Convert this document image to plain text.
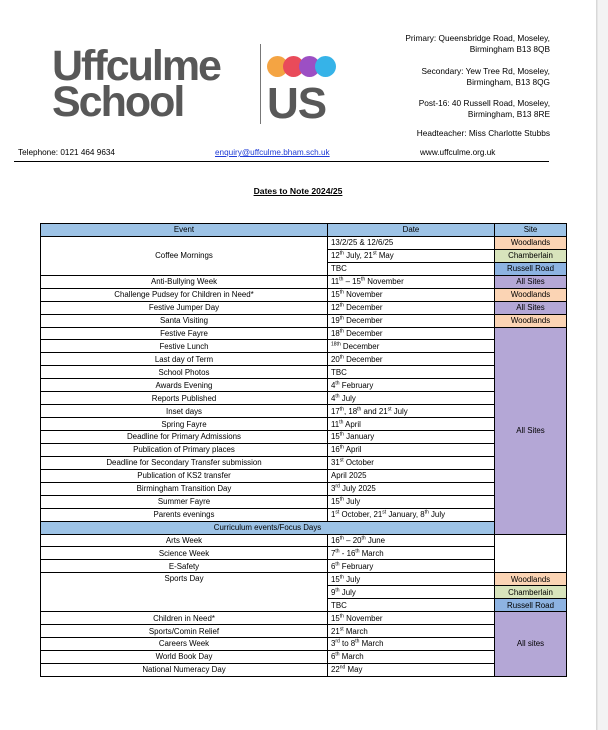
Uffculme
School US
Primary: Queensbridge Road, Moseley,
Birmingham B13 8QB
Secondary: Yew Tree Rd, Moseley,
Birmingham, B13 8QG
Post-16: 40 Russell Road, Moseley,
Birmingham, B13 8RE
Headteacher: Miss Charlotte Stubbs
Telephone: 0121 464 9634	enquiry@uffculme.bham.sch.uk	www.uffculme.org.uk
Dates to Note 2024/25
Event	Date	Site	
Coffee Mornings	13/2/25 & 12/6/25	Woodlands	
	12th July, 21st May	Chamberlain	
	TBC	Russell Road	
Anti-Bullying Week	11th – 15th November	All Sites	
Challenge Pudsey for Children in Need*	15th November	Woodlands	
Festive Jumper Day	12th December	All Sites	
Santa Visiting	19th December	Woodlands	
Festive Fayre	18th December	All Sites	
Festive Lunch	$^{18th}$ December		
Last day of Term	20th December		
School Photos	TBC		
Awards Evening	4th February		
Reports Published	4th July		
Inset days	17th, 18th and 21st July		
Spring Fayre	11th April		
Deadline for Primary Admissions	15th January		
Publication of Primary places	16th April		
Deadline for Secondary Transfer submission	31st October		
Publication of KS2 transfer	April 2025		
Birmingham Transition Day	3rd July 2025		
Summer Fayre	15th July		
Parents evenings	1st October, 21st January, 8th July		
Curriculum events/Focus Days			
Arts Week	16th – 20th June		
Science Week	7th - 16th March		
E-Safety	6th February		
Sports Day	15th July	Woodlands	
	9th July	Chamberlain	
	TBC	Russell Road	
Children in Need*	15th November	All sites	
Sports/Comin Relief	21st March		
Careers Week	3rd to 8th March		
World Book Day	6th March		
National Numeracy Day	22nd May		
